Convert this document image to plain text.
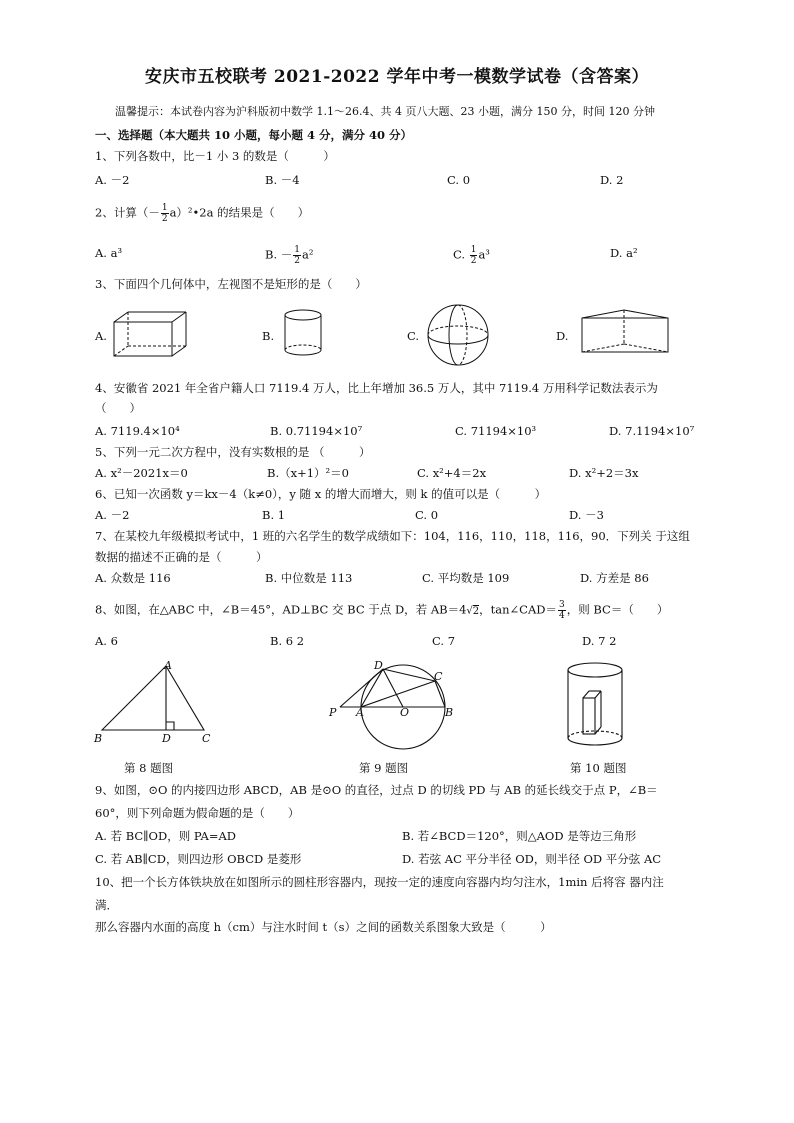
安庆市五校联考 2021-2022 学年中考一模数学试卷（含答案）
温馨提示：本试卷内容为沪科版初中数学 1.1～26.4、共 4 页八大题、23 小题，满分 150 分，时间 120 分钟
一、选择题（本大题共 10 小题，每小题 4 分，满分 40 分）
1、下列各数中，比－1 小 3 的数是（　　　）
A. －2	B. －4	C. 0	D. 2
2、计算（－ $\frac{1}{2}$ a）²•2a 的结果是（　　）
A. a³	B. － $\frac{1}{2} a^2$	C. $\frac{1}{2} a^3$	D. a²
3、下面四个几何体中，左视图不是矩形的是（　　）
A.	B.	C.	D.
4、安徽省 2021 年全省户籍人口 7119.4 万人，比上年增加 36.5 万人，其中 7119.4 万用科学记数法表示为
（　　）
A. 7119.4×10⁴	B. 0.71194×10⁷	C. 71194×10³	D. 7.1194×10⁷
5、下列一元二次方程中，没有实数根的是 （　　　）
A. x²－2021x＝0	B.（x+1）²＝0	C. x²+4＝2x	D. x²+2＝3x
6、已知一次函数 y＝kx－4（k≠0），y 随 x 的增大而增大，则 k 的值可以是（　　　）
A. －2	B. 1	C. 0	D. －3
7、在某校九年级模拟考试中，1 班的六名学生的数学成绩如下：104，116，110，118，116，90．下列关 于这组
数据的描述不正确的是（　　　）
A. 众数是 116	B. 中位数是 113	C. 平均数是 109	D. 方差是 86
8、如图，在△ABC 中，∠B＝45°，AD⊥BC 交 BC 于点 D，若 AB＝4√2，tan∠CAD＝ $\frac{3}{4}$ ，则 BC＝（　　）
A. 6	B. 6 2	C. 7	D. 7 2
A
B	D	C
D
C
P A	O	B
第 8 题图	第 9 题图	第 10 题图
9、如图，⊙O 的内接四边形 ABCD，AB 是⊙O 的直径，过点 D 的切线 PD 与 AB 的延长线交于点 P，∠B＝
60°，则下列命题为假命题的是（　　）
A. 若 BC∥OD，则 PA=AD	B. 若∠BCD＝120°，则△AOD 是等边三角形
C. 若 AB∥CD，则四边形 OBCD 是菱形	D. 若弦 AC 平分半径 OD，则半径 OD 平分弦 AC
10、把一个长方体铁块放在如图所示的圆柱形容器内，现按一定的速度向容器内均匀注水，1min 后将容 器内注
满．
那么容器内水面的高度 h（cm）与注水时间 t（s）之间的函数关系图象大致是（　　　）
